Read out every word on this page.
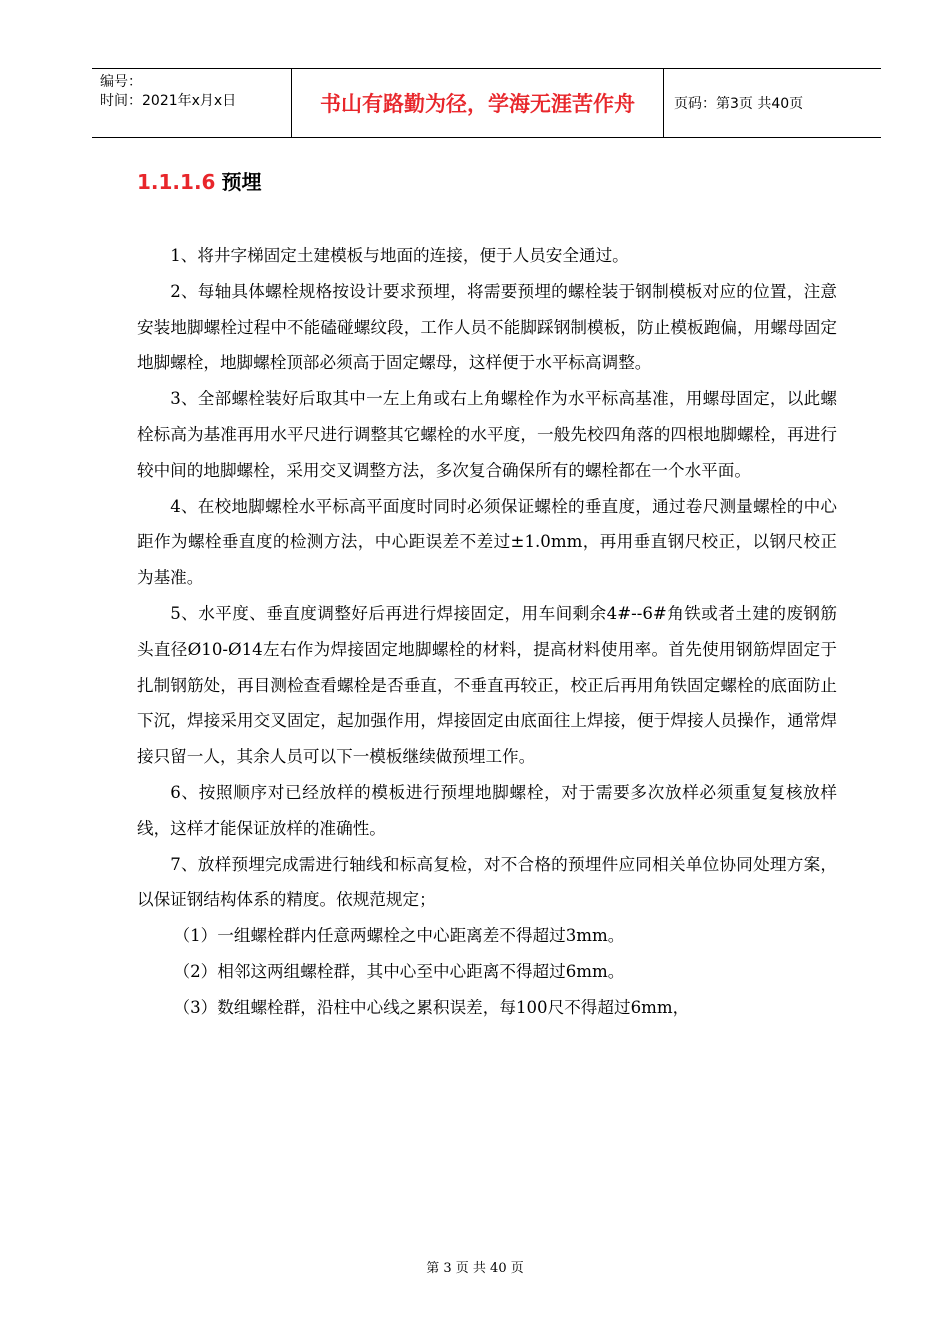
编号：
时间：2021年x月x日	书山有路勤为径，学海无涯苦作舟	页码：第3页 共40页
1.1.1.6 预埋

1、将井字梯固定土建模板与地面的连接，便于人员安全通过。

2、每轴具体螺栓规格按设计要求预埋，将需要预埋的螺栓装于钢制模板对应的位置，注意安装地脚螺栓过程中不能磕碰螺纹段，工作人员不能脚踩钢制模板，防止模板跑偏，用螺母固定地脚螺栓，地脚螺栓顶部必须高于固定螺母，这样便于水平标高调整。

3、全部螺栓装好后取其中一左上角或右上角螺栓作为水平标高基准，用螺母固定，以此螺栓标高为基准再用水平尺进行调整其它螺栓的水平度，一般先校四角落的四根地脚螺栓，再进行较中间的地脚螺栓，采用交叉调整方法，多次复合确保所有的螺栓都在一个水平面。

4、在校地脚螺栓水平标高平面度时同时必须保证螺栓的垂直度，通过卷尺测量螺栓的中心距作为螺栓垂直度的检测方法，中心距误差不差过±1.0mm，再用垂直钢尺校正，以钢尺校正为基准。

5、水平度、垂直度调整好后再进行焊接固定，用车间剩余4#--6#角铁或者土建的废钢筋头直径Ø10-Ø14左右作为焊接固定地脚螺栓的材料，提高材料使用率。首先使用钢筋焊固定于扎制钢筋处，再目测检查看螺栓是否垂直，不垂直再较正，校正后再用角铁固定螺栓的底面防止下沉，焊接采用交叉固定，起加强作用，焊接固定由底面往上焊接，便于焊接人员操作，通常焊接只留一人，其余人员可以下一模板继续做预埋工作。

6、按照顺序对已经放样的模板进行预埋地脚螺栓，对于需要多次放样必须重复复核放样线，这样才能保证放样的准确性。

7、放样预埋完成需进行轴线和标高复检，对不合格的预埋件应同相关单位协同处理方案，以保证钢结构体系的精度。依规范规定；

（1）一组螺栓群内任意两螺栓之中心距离差不得超过3mm。

（2）相邻这两组螺栓群，其中心至中心距离不得超过6mm。

（3）数组螺栓群，沿柱中心线之累积误差，每100尺不得超过6mm，

第 3 页 共 40 页
